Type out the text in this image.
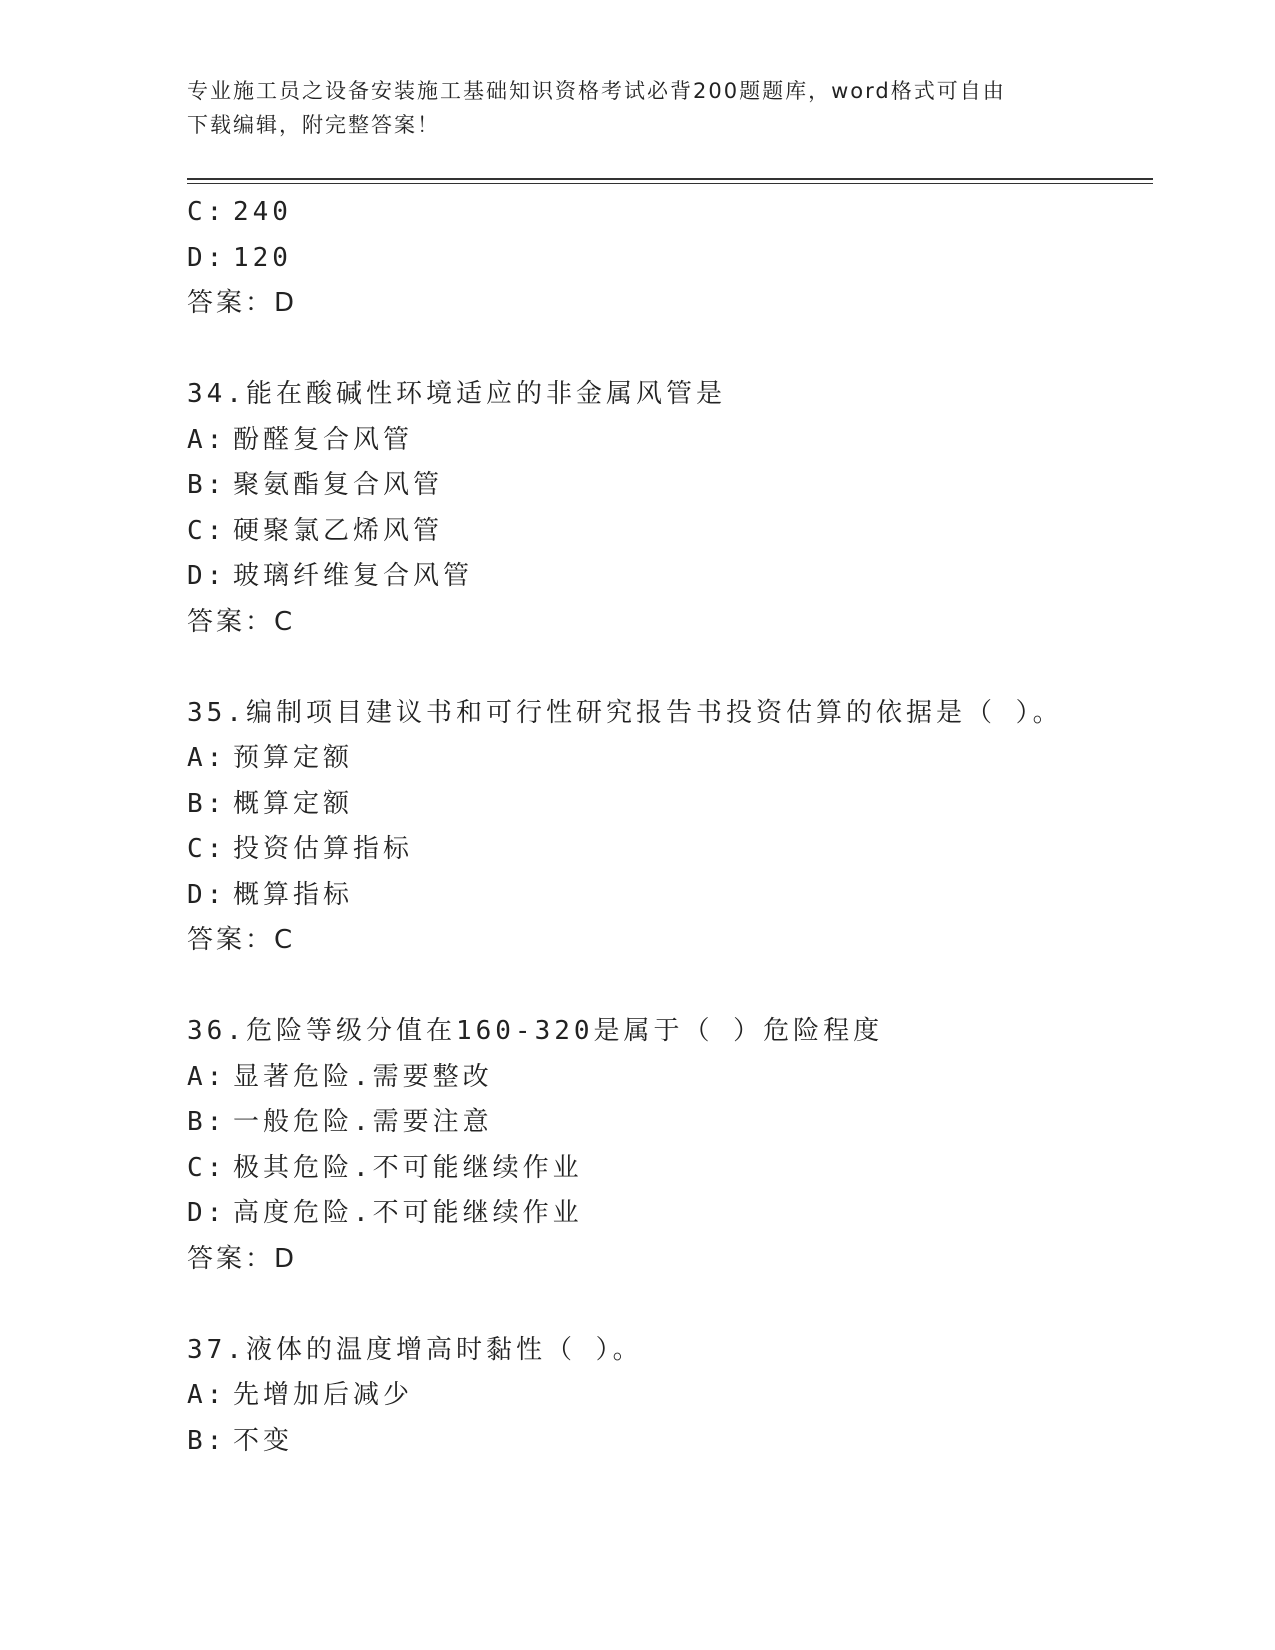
专业施工员之设备安装施工基础知识资格考试必背200题题库，word格式可自由
下载编辑，附完整答案！
C: 240
D: 120
答案：D
34.能在酸碱性环境适应的非金属风管是
A: 酚醛复合风管
B: 聚氨酯复合风管
C: 硬聚氯乙烯风管
D: 玻璃纤维复合风管
答案：C
35.编制项目建议书和可行性研究报告书投资估算的依据是（ ）。
A: 预算定额
B: 概算定额
C: 投资估算指标
D: 概算指标
答案：C
36.危险等级分值在160-320是属于（ ）危险程度
A: 显著危险.需要整改
B: 一般危险.需要注意
C: 极其危险.不可能继续作业
D: 高度危险.不可能继续作业
答案：D
37.液体的温度增高时黏性（ ）。
A: 先增加后减少
B: 不变
